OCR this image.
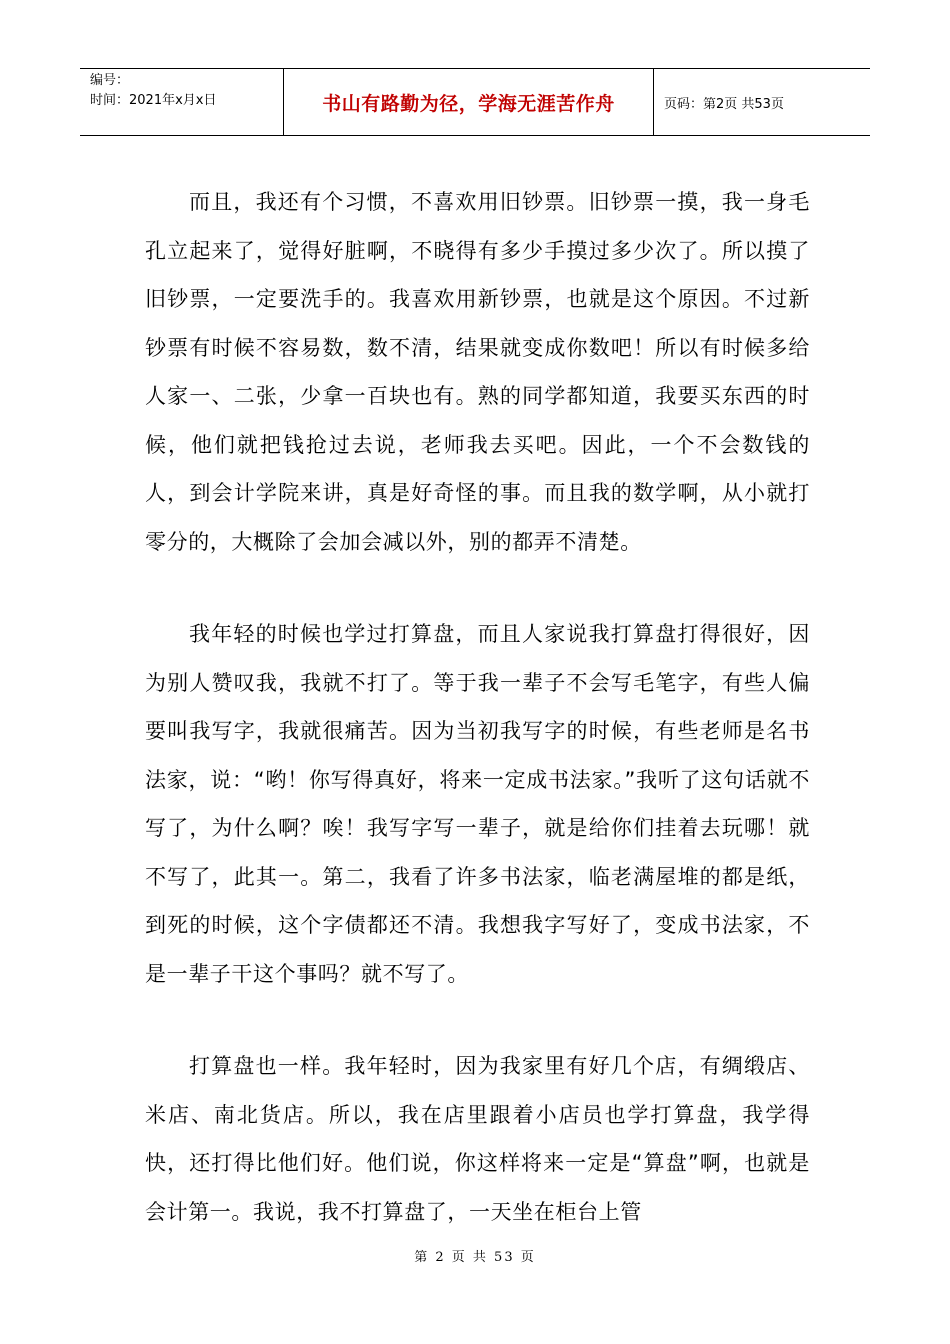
编号：
时间：2021年x月x日	书山有路勤为径，学海无涯苦作舟	页码：第2页 共53页

而且，我还有个习惯，不喜欢用旧钞票。旧钞票一摸，我一身毛孔立起来了，觉得好脏啊，不晓得有多少手摸过多少次了。所以摸了旧钞票，一定要洗手的。我喜欢用新钞票，也就是这个原因。不过新钞票有时候不容易数，数不清，结果就变成你数吧！所以有时候多给人家一、二张，少拿一百块也有。熟的同学都知道，我要买东西的时候，他们就把钱抢过去说，老师我去买吧。因此，一个不会数钱的人，到会计学院来讲，真是好奇怪的事。而且我的数学啊，从小就打零分的，大概除了会加会减以外，别的都弄不清楚。

我年轻的时候也学过打算盘，而且人家说我打算盘打得很好，因为别人赞叹我，我就不打了。等于我一辈子不会写毛笔字，有些人偏要叫我写字，我就很痛苦。因为当初我写字的时候，有些老师是名书法家，说：“哟！你写得真好，将来一定成书法家。”我听了这句话就不写了，为什么啊？唉！我写字写一辈子，就是给你们挂着去玩哪！就不写了，此其一。第二，我看了许多书法家，临老满屋堆的都是纸，到死的时候，这个字债都还不清。我想我字写好了，变成书法家，不是一辈子干这个事吗？就不写了。

打算盘也一样。我年轻时，因为我家里有好几个店，有绸缎店、米店、南北货店。所以，我在店里跟着小店员也学打算盘，我学得快，还打得比他们好。他们说，你这样将来一定是“算盘”啊，也就是会计第一。我说，我不打算盘了，一天坐在柜台上管

第 2 页 共 53 页
